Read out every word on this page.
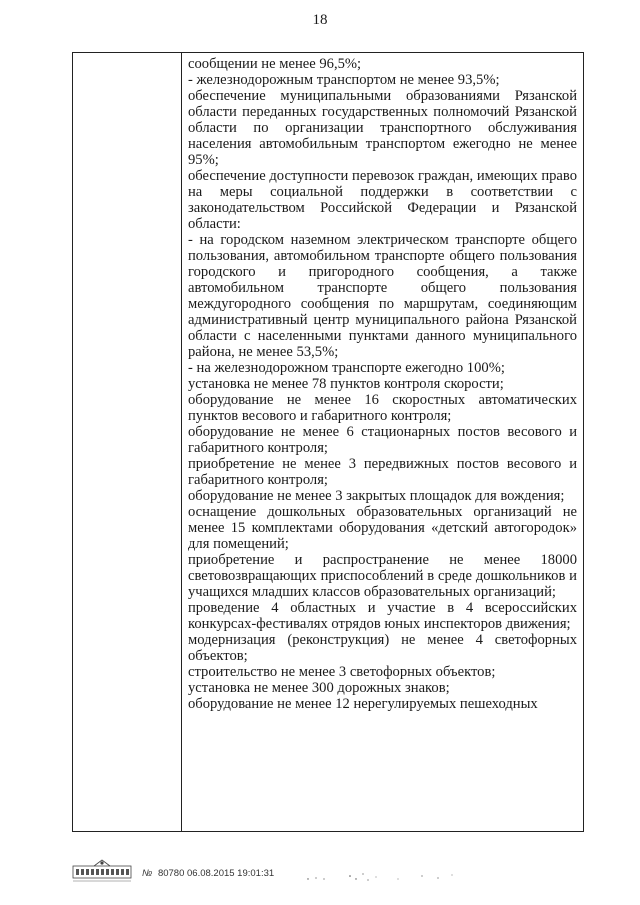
18

сообщении не менее 96,5%;

- железнодорожным транспортом не менее 93,5%;

обеспечение муниципальными образованиями Рязанской области переданных государственных полномочий Рязанской области по организации транспортного обслуживания населения автомобильным транспортом ежегодно не менее 95%;

обеспечение доступности перевозок граждан, имеющих право на меры социальной поддержки в соответствии с законодательством Российской Федерации и Рязанской области:

- на городском наземном электрическом транспорте общего пользования, автомобильном транспорте общего пользования городского и пригородного сообщения, а также автомобильном транспорте общего пользования междугородного сообщения по маршрутам, соединяющим административный центр муниципального района Рязанской области с населенными пунктами данного муниципального района, не менее 53,5%;

- на железнодорожном транспорте ежегодно 100%;

установка не менее 78 пунктов контроля скорости;

оборудование не менее 16 скоростных автоматических пунктов весового и габаритного контроля;

оборудование не менее 6 стационарных постов весового и габаритного контроля;

приобретение не менее 3 передвижных постов весового и габаритного контроля;

оборудование не менее 3 закрытых площадок для вождения;

оснащение дошкольных образовательных организаций не менее 15 комплектами оборудования «детский автогородок» для помещений;

приобретение и распространение не менее 18000 световозвращающих приспособлений в среде дошкольников и учащихся младших классов образовательных организаций;

проведение 4 областных и участие в 4 всероссийских конкурсах-фестивалях отрядов юных инспекторов движения;

модернизация (реконструкция) не менее 4 светофорных объектов;

строительство не менее 3 светофорных объектов;

установка не менее 300 дорожных знаков;

оборудование не менее 12 нерегулируемых пешеходных

№ 80780 06.08.2015 19:01:31
